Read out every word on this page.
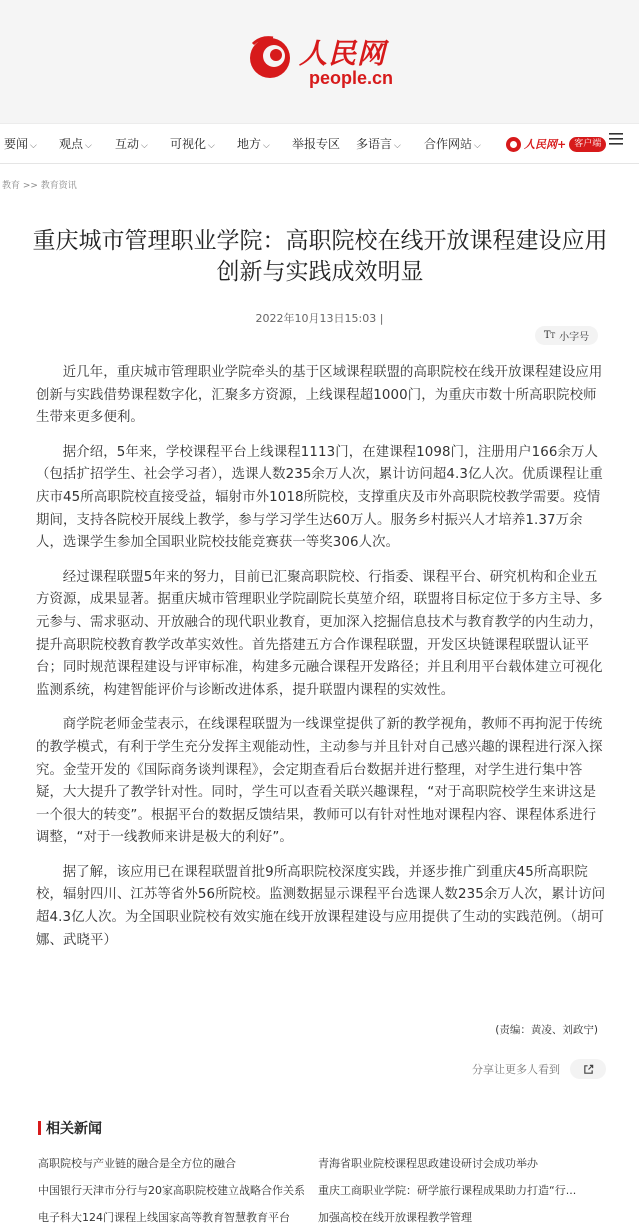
人民网
people.cn
要闻 ⌵ 观点 ⌵ 互动 ⌵ 可视化 ⌵ 地方 ⌵ 举报专区 多语言 ⌵ 合作网站 ⌵	人民网+ 客户端
教育 >> 教育资讯
重庆城市管理职业学院：高职院校在线开放课程建设应用创新与实践成效明显
2022年10月13日15:03 |
TT 小字号

近几年，重庆城市管理职业学院牵头的基于区域课程联盟的高职院校在线开放课程建设应用创新与实践借势课程数字化，汇聚多方资源，上线课程超1000门，为重庆市数十所高职院校师生带来更多便利。

据介绍，5年来，学校课程平台上线课程1113门，在建课程1098门，注册用户166余万人（包括扩招学生、社会学习者），选课人数235余万人次，累计访问超4.3亿人次。优质课程让重庆市45所高职院校直接受益，辐射市外1018所院校，支撑重庆及市外高职院校教学需要。疫情期间，支持各院校开展线上教学，参与学习学生达60万人。服务乡村振兴人才培养1.37万余人，选课学生参加全国职业院校技能竞赛获一等奖306人次。

经过课程联盟5年来的努力，目前已汇聚高职院校、行指委、课程平台、研究机构和企业五方资源，成果显著。据重庆城市管理职业学院副院长莫堃介绍，联盟将目标定位于多方主导、多元参与、需求驱动、开放融合的现代职业教育，更加深入挖掘信息技术与教育教学的内生动力，提升高职院校教育教学改革实效性。首先搭建五方合作课程联盟，开发区块链课程联盟认证平台；同时规范课程建设与评审标准，构建多元融合课程开发路径；并且利用平台载体建立可视化监测系统，构建智能评价与诊断改进体系，提升联盟内课程的实效性。

商学院老师金莹表示，在线课程联盟为一线课堂提供了新的教学视角，教师不再拘泥于传统的教学模式，有利于学生充分发挥主观能动性，主动参与并且针对自己感兴趣的课程进行深入探究。金莹开发的《国际商务谈判课程》，会定期查看后台数据并进行整理，对学生进行集中答疑，大大提升了教学针对性。同时，学生可以查看关联兴趣课程，“对于高职院校学生来讲这是一个很大的转变”。根据平台的数据反馈结果，教师可以有针对性地对课程内容、课程体系进行调整，“对于一线教师来讲是极大的利好”。

据了解，该应用已在课程联盟首批9所高职院校深度实践，并逐步推广到重庆45所高职院校，辐射四川、江苏等省外56所院校。监测数据显示课程平台选课人数235余万人次，累计访问超4.3亿人次。为全国职业院校有效实施在线开放课程建设与应用提供了生动的实践范例。（胡可娜、武晓平）

(责编：黄凌、刘政宁)
分享让更多人看到
相关新闻
高职院校与产业链的融合是全方位的融合	青海省职业院校课程思政建设研讨会成功举办
中国银行天津市分行与20家高职院校建立战略合作关系 重庆工商职业学院：研学旅行课程成果助力打造“行...
电子科大124门课程上线国家高等教育智慧教育平台	加强高校在线开放课程教学管理
